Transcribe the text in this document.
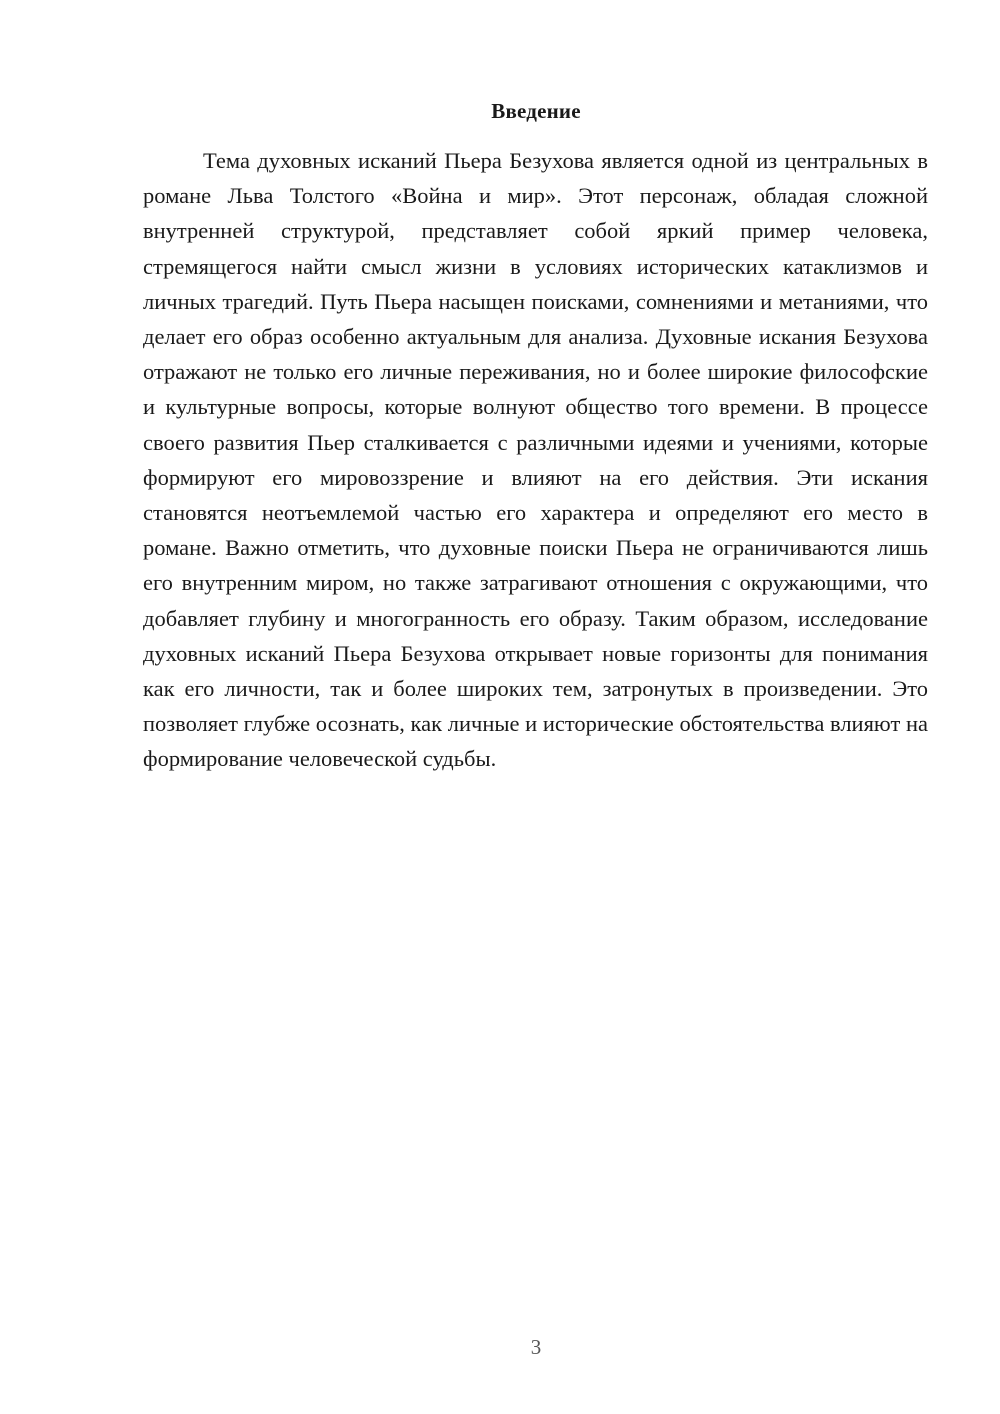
Введение

Тема духовных исканий Пьера Безухова является одной из центральных в романе Льва Толстого «Война и мир». Этот персонаж, обладая сложной внутренней структурой, представляет собой яркий пример человека, стремящегося найти смысл жизни в условиях исторических катаклизмов и личных трагедий. Путь Пьера насыщен поисками, сомнениями и метаниями, что делает его образ особенно актуальным для анализа. Духовные искания Безухова отражают не только его личные переживания, но и более широкие философские и культурные вопросы, которые волнуют общество того времени. В процессе своего развития Пьер сталкивается с различными идеями и учениями, которые формируют его мировоззрение и влияют на его действия. Эти искания становятся неотъемлемой частью его характера и определяют его место в романе. Важно отметить, что духовные поиски Пьера не ограничиваются лишь его внутренним миром, но также затрагивают отношения с окружающими, что добавляет глубину и многогранность его образу. Таким образом, исследование духовных исканий Пьера Безухова открывает новые горизонты для понимания как его личности, так и более широких тем, затронутых в произведении. Это позволяет глубже осознать, как личные и исторические обстоятельства влияют на формирование человеческой судьбы.

3
